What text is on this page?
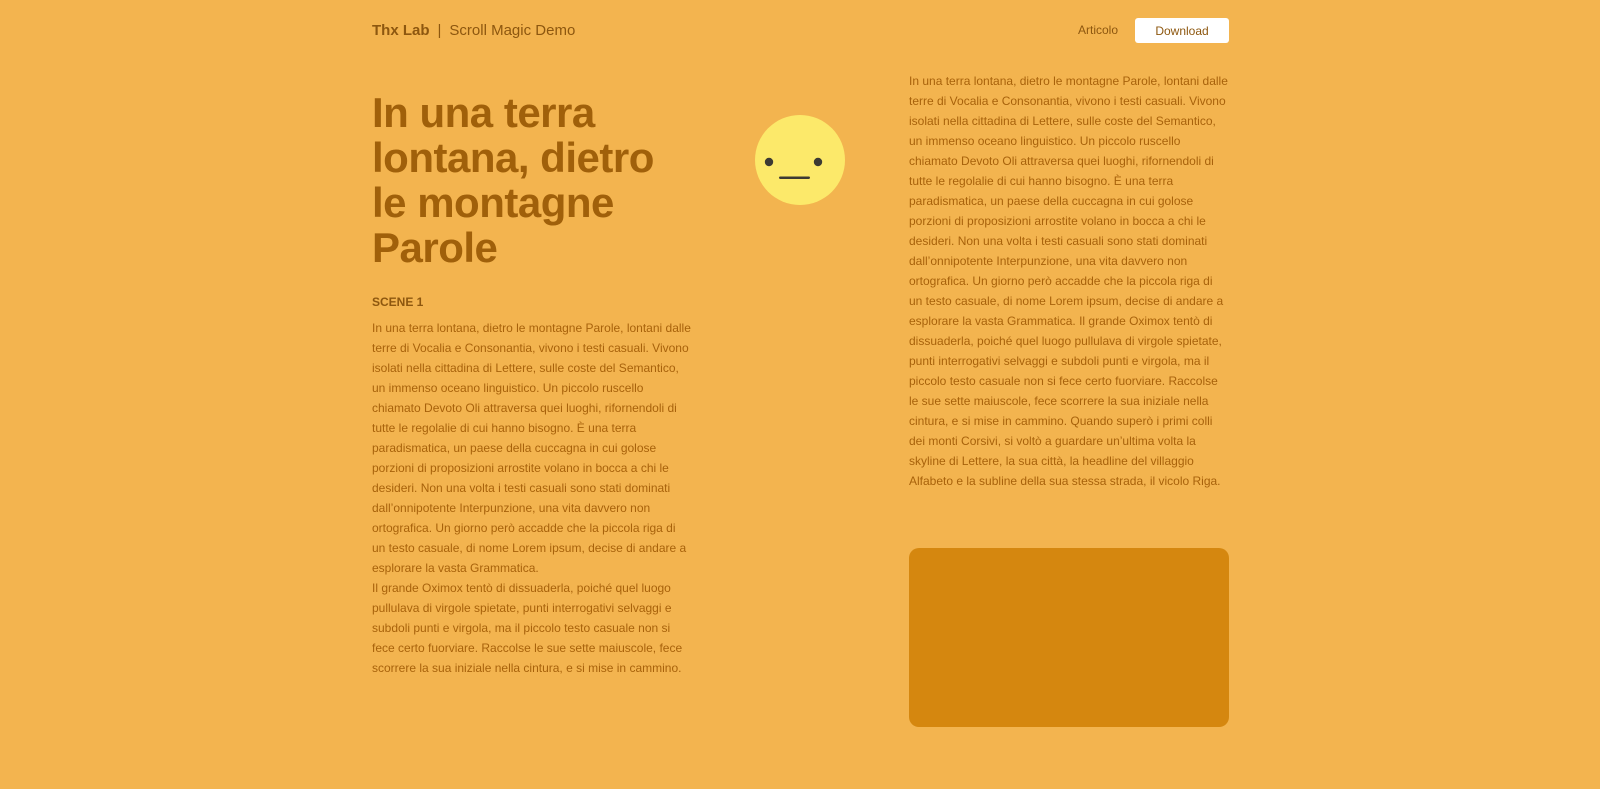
Thx Lab | Scroll Magic Demo	Articolo	Download
In una terra lontana, dietro le montagne Parole
SCENE 1

In una terra lontana, dietro le montagne Parole, lontani dalle terre di Vocalia e Consonantia, vivono i testi casuali. Vivono isolati nella cittadina di Lettere, sulle coste del Semantico, un immenso oceano linguistico. Un piccolo ruscello chiamato Devoto Oli attraversa quei luoghi, rifornendoli di tutte le regolalie di cui hanno bisogno. È una terra paradismatica, un paese della cuccagna in cui golose porzioni di proposizioni arrostite volano in bocca a chi le desideri. Non una volta i testi casuali sono stati dominati dall’onnipotente Interpunzione, una vita davvero non ortografica. Un giorno però accadde che la piccola riga di un testo casuale, di nome Lorem ipsum, decise di andare a esplorare la vasta Grammatica.

Il grande Oximox tentò di dissuaderla, poiché quel luogo pullulava di virgole spietate, punti interrogativi selvaggi e subdoli punti e virgola, ma il piccolo testo casuale non si fece certo fuorviare. Raccolse le sue sette maiuscole, fece scorrere la sua iniziale nella cintura, e si mise in cammino.

In una terra lontana, dietro le montagne Parole, lontani dalle terre di Vocalia e Consonantia, vivono i testi casuali. Vivono isolati nella cittadina di Lettere, sulle coste del Semantico, un immenso oceano linguistico. Un piccolo ruscello chiamato Devoto Oli attraversa quei luoghi, rifornendoli di tutte le regolalie di cui hanno bisogno. È una terra paradismatica, un paese della cuccagna in cui golose porzioni di proposizioni arrostite volano in bocca a chi le desideri. Non una volta i testi casuali sono stati dominati dall’onnipotente Interpunzione, una vita davvero non ortografica. Un giorno però accadde che la piccola riga di un testo casuale, di nome Lorem ipsum, decise di andare a esplorare la vasta Grammatica. Il grande Oximox tentò di dissuaderla, poiché quel luogo pullulava di virgole spietate, punti interrogativi selvaggi e subdoli punti e virgola, ma il piccolo testo casuale non si fece certo fuorviare. Raccolse le sue sette maiuscole, fece scorrere la sua iniziale nella cintura, e si mise in cammino. Quando superò i primi colli dei monti Corsivi, si voltò a guardare un’ultima volta la skyline di Lettere, la sua città, la headline del villaggio Alfabeto e la subline della sua stessa strada, il vicolo Riga.
